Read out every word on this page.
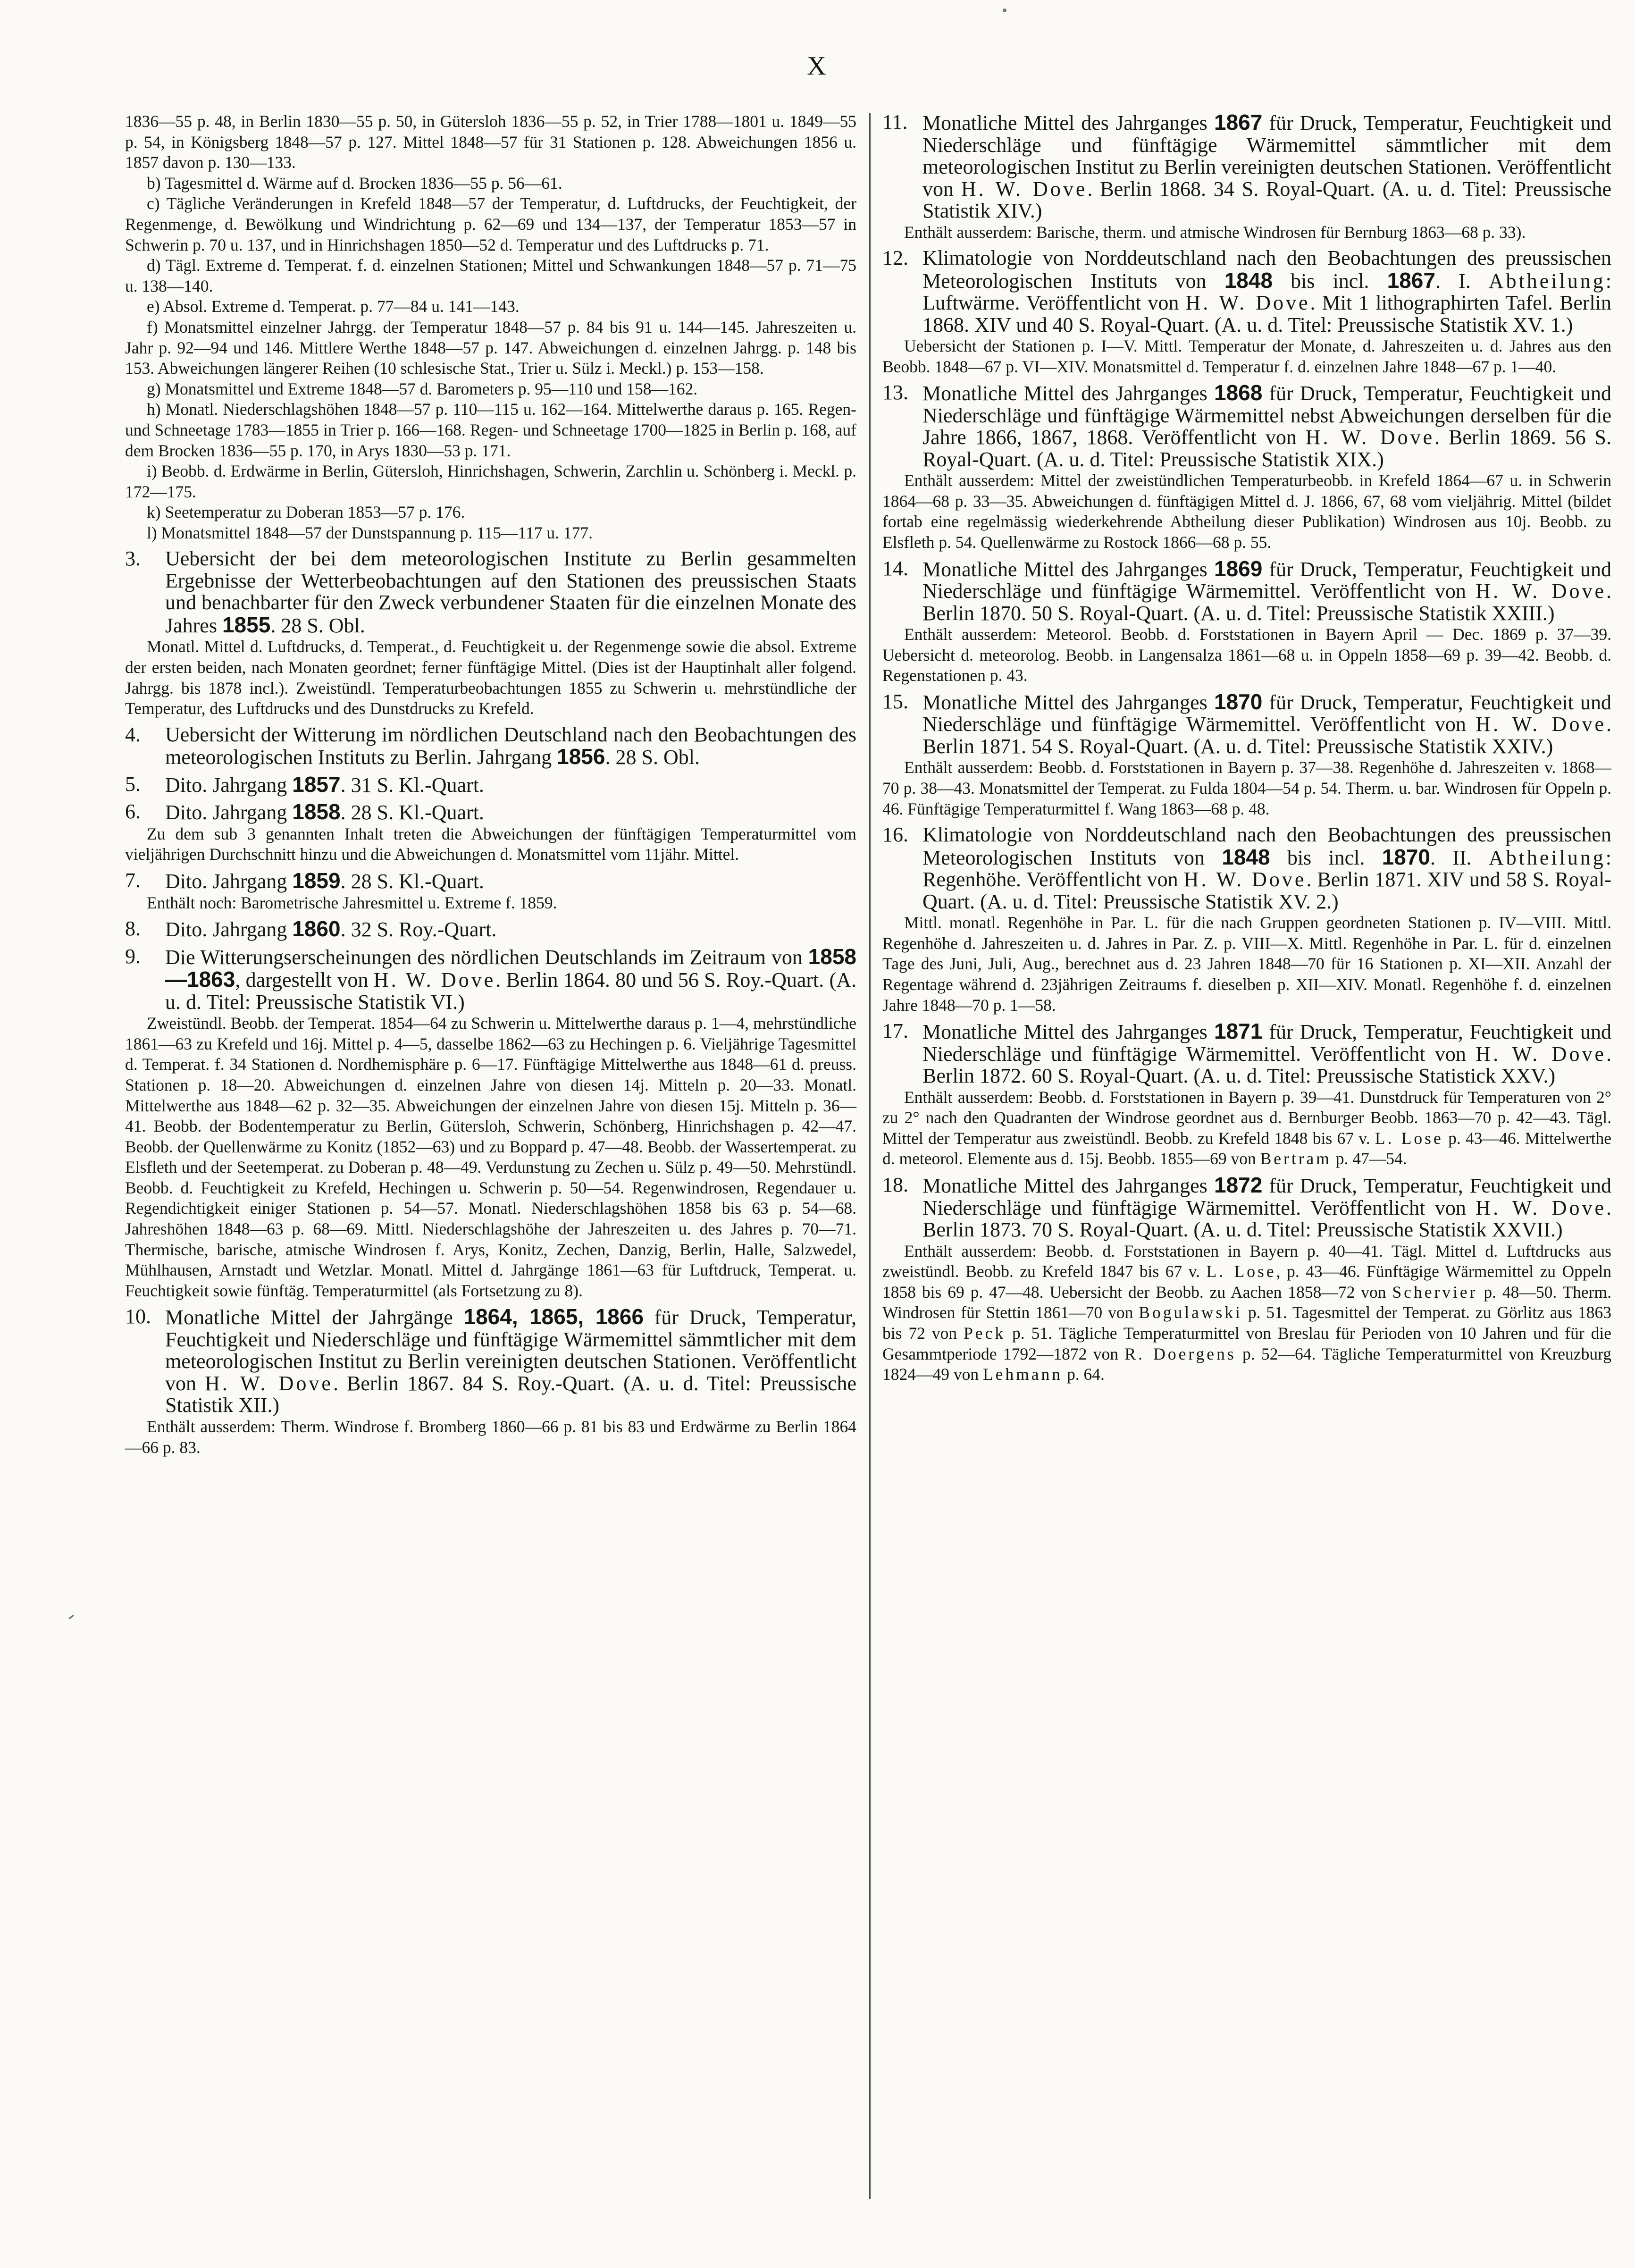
X

1836—55 p. 48, in Berlin 1830—55 p. 50, in Gütersloh 1836—55 p. 52, in Trier 1788—1801 u. 1849—55 p. 54, in Königsberg 1848—57 p. 127. Mittel 1848—57 für 31 Stationen p. 128. Abweichungen 1856 u. 1857 davon p. 130—133.

b) Tagesmittel d. Wärme auf d. Brocken 1836—55 p. 56—61.

c) Tägliche Veränderungen in Krefeld 1848—57 der Temperatur, d. Luftdrucks, der Feuchtigkeit, der Regenmenge, d. Bewölkung und Windrichtung p. 62—69 und 134—137, der Temperatur 1853—57 in Schwerin p. 70 u. 137, und in Hinrichshagen 1850—52 d. Temperatur und des Luftdrucks p. 71.

d) Tägl. Extreme d. Temperat. f. d. einzelnen Stationen; Mittel und Schwankungen 1848—57 p. 71—75 u. 138—140.

e) Absol. Extreme d. Temperat. p. 77—84 u. 141—143.

f) Monatsmittel einzelner Jahrgg. der Temperatur 1848—57 p. 84 bis 91 u. 144—145. Jahreszeiten u. Jahr p. 92—94 und 146. Mittlere Werthe 1848—57 p. 147. Abweichungen d. einzelnen Jahrgg. p. 148 bis 153. Abweichungen längerer Reihen (10 schlesische Stat., Trier u. Sülz i. Meckl.) p. 153—158.

g) Monatsmittel und Extreme 1848—57 d. Barometers p. 95—110 und 158—162.

h) Monatl. Niederschlagshöhen 1848—57 p. 110—115 u. 162—164. Mittelwerthe daraus p. 165. Regen- und Schneetage 1783—1855 in Trier p. 166—168. Regen- und Schneetage 1700—1825 in Berlin p. 168, auf dem Brocken 1836—55 p. 170, in Arys 1830—53 p. 171.

i) Beobb. d. Erdwärme in Berlin, Gütersloh, Hinrichshagen, Schwerin, Zarchlin u. Schönberg i. Meckl. p. 172—175.

k) Seetemperatur zu Doberan 1853—57 p. 176.

l) Monatsmittel 1848—57 der Dunstspannung p. 115—117 u. 177.

3.	Uebersicht der bei dem meteorologischen Institute zu Berlin gesammelten Ergebnisse der Wetterbeobachtungen auf den Stationen des preussischen Staats und benachbarter für den Zweck verbundener Staaten für die einzelnen Monate des Jahres 1855. 28 S. Obl.

Monatl. Mittel d. Luftdrucks, d. Temperat., d. Feuchtigkeit u. der Regenmenge sowie die absol. Extreme der ersten beiden, nach Monaten geordnet; ferner fünftägige Mittel. (Dies ist der Hauptinhalt aller folgend. Jahrgg. bis 1878 incl.). Zweistündl. Temperaturbeobachtungen 1855 zu Schwerin u. mehrstündliche der Temperatur, des Luftdrucks und des Dunstdrucks zu Krefeld.

4.	Uebersicht der Witterung im nördlichen Deutschland nach den Beobachtungen des meteorologischen Instituts zu Berlin. Jahrgang 1856. 28 S. Obl.
5.	Dito. Jahrgang 1857. 31 S. Kl.-Quart.
6.	Dito. Jahrgang 1858. 28 S. Kl.-Quart.

Zu dem sub 3 genannten Inhalt treten die Abweichungen der fünftägigen Temperaturmittel vom vieljährigen Durchschnitt hinzu und die Abweichungen d. Monatsmittel vom 11jähr. Mittel.

7.	Dito. Jahrgang 1859. 28 S. Kl.-Quart.

Enthält noch: Barometrische Jahresmittel u. Extreme f. 1859.

8.	Dito. Jahrgang 1860. 32 S. Roy.-Quart.
9.	Die Witterungserscheinungen des nördlichen Deutschlands im Zeitraum von 1858—1863, dargestellt von H. W. Dove. Berlin 1864. 80 und 56 S. Roy.-Quart. (A. u. d. Titel: Preussische Statistik VI.)

Zweistündl. Beobb. der Temperat. 1854—64 zu Schwerin u. Mittelwerthe daraus p. 1—4, mehrstündliche 1861—63 zu Krefeld und 16j. Mittel p. 4—5, dasselbe 1862—63 zu Hechingen p. 6. Vieljährige Tagesmittel d. Temperat. f. 34 Stationen d. Nordhemisphäre p. 6—17. Fünftägige Mittelwerthe aus 1848—61 d. preuss. Stationen p. 18—20. Abweichungen d. einzelnen Jahre von diesen 14j. Mitteln p. 20—33. Monatl. Mittelwerthe aus 1848—62 p. 32—35. Abweichungen der einzelnen Jahre von diesen 15j. Mitteln p. 36—41. Beobb. der Bodentemperatur zu Berlin, Gütersloh, Schwerin, Schönberg, Hinrichshagen p. 42—47. Beobb. der Quellenwärme zu Konitz (1852—63) und zu Boppard p. 47—48. Beobb. der Wassertemperat. zu Elsfleth und der Seetemperat. zu Doberan p. 48—49. Verdunstung zu Zechen u. Sülz p. 49—50. Mehrstündl. Beobb. d. Feuchtigkeit zu Krefeld, Hechingen u. Schwerin p. 50—54. Regenwindrosen, Regendauer u. Regendichtigkeit einiger Stationen p. 54—57. Monatl. Niederschlagshöhen 1858 bis 63 p. 54—68. Jahreshöhen 1848—63 p. 68—69. Mittl. Niederschlagshöhe der Jahreszeiten u. des Jahres p. 70—71. Thermische, barische, atmische Windrosen f. Arys, Konitz, Zechen, Danzig, Berlin, Halle, Salzwedel, Mühlhausen, Arnstadt und Wetzlar. Monatl. Mittel d. Jahrgänge 1861—63 für Luftdruck, Temperat. u. Feuchtigkeit sowie fünftäg. Temperaturmittel (als Fortsetzung zu 8).

10. Monatliche Mittel der Jahrgänge 1864, 1865, 1866 für Druck, Temperatur, Feuchtigkeit und Niederschläge und fünftägige Wärmemittel sämmtlicher mit dem meteorologischen Institut zu Berlin vereinigten deutschen Stationen. Veröffentlicht von H. W. Dove. Berlin 1867. 84 S. Roy.-Quart. (A. u. d. Titel: Preussische Statistik XII.)

Enthält ausserdem: Therm. Windrose f. Bromberg 1860—66 p. 81 bis 83 und Erdwärme zu Berlin 1864—66 p. 83.

11. Monatliche Mittel des Jahrganges 1867 für Druck, Temperatur, Feuchtigkeit und Niederschläge und fünftägige Wärmemittel sämmtlicher mit dem meteorologischen Institut zu Berlin vereinigten deutschen Stationen. Veröffentlicht von H. W. Dove. Berlin 1868. 34 S. Royal-Quart. (A. u. d. Titel: Preussische Statistik XIV.)

Enthält ausserdem: Barische, therm. und atmische Windrosen für Bernburg 1863—68 p. 33).

12. Klimatologie von Norddeutschland nach den Beobachtungen des preussischen Meteorologischen Instituts von 1848 bis incl. 1867. I. Abtheilung: Luftwärme. Veröffentlicht von H. W. Dove. Mit 1 lithographirten Tafel. Berlin 1868. XIV und 40 S. Royal-Quart. (A. u. d. Titel: Preussische Statistik XV. 1.)

Uebersicht der Stationen p. I—V. Mittl. Temperatur der Monate, d. Jahreszeiten u. d. Jahres aus den Beobb. 1848—67 p. VI—XIV. Monatsmittel d. Temperatur f. d. einzelnen Jahre 1848—67 p. 1—40.

13. Monatliche Mittel des Jahrganges 1868 für Druck, Temperatur, Feuchtigkeit und Niederschläge und fünftägige Wärmemittel nebst Abweichungen derselben für die Jahre 1866, 1867, 1868. Veröffentlicht von H. W. Dove. Berlin 1869. 56 S. Royal-Quart. (A. u. d. Titel: Preussische Statistik XIX.)

Enthält ausserdem: Mittel der zweistündlichen Temperaturbeobb. in Krefeld 1864—67 u. in Schwerin 1864—68 p. 33—35. Abweichungen d. fünftägigen Mittel d. J. 1866, 67, 68 vom vieljährig. Mittel (bildet fortab eine regelmässig wiederkehrende Abtheilung dieser Publikation) Windrosen aus 10j. Beobb. zu Elsfleth p. 54. Quellenwärme zu Rostock 1866—68 p. 55.

14. Monatliche Mittel des Jahrganges 1869 für Druck, Temperatur, Feuchtigkeit und Niederschläge und fünftägige Wärmemittel. Veröffentlicht von H. W. Dove. Berlin 1870. 50 S. Royal-Quart. (A. u. d. Titel: Preussische Statistik XXIII.)

Enthält ausserdem: Meteorol. Beobb. d. Forststationen in Bayern April — Dec. 1869 p. 37—39. Uebersicht d. meteorolog. Beobb. in Langensalza 1861—68 u. in Oppeln 1858—69 p. 39—42. Beobb. d. Regenstationen p. 43.

15. Monatliche Mittel des Jahrganges 1870 für Druck, Temperatur, Feuchtigkeit und Niederschläge und fünftägige Wärmemittel. Veröffentlicht von H. W. Dove. Berlin 1871. 54 S. Royal-Quart. (A. u. d. Titel: Preussische Statistik XXIV.)

Enthält ausserdem: Beobb. d. Forststationen in Bayern p. 37—38. Regenhöhe d. Jahreszeiten v. 1868—70 p. 38—43. Monatsmittel der Temperat. zu Fulda 1804—54 p. 54. Therm. u. bar. Windrosen für Oppeln p. 46. Fünftägige Temperaturmittel f. Wang 1863—68 p. 48.

16. Klimatologie von Norddeutschland nach den Beobachtungen des preussischen Meteorologischen Instituts von 1848 bis incl. 1870. II. Abtheilung: Regenhöhe. Veröffentlicht von H. W. Dove. Berlin 1871. XIV und 58 S. Royal-Quart. (A. u. d. Titel: Preussische Statistik XV. 2.)

Mittl. monatl. Regenhöhe in Par. L. für die nach Gruppen geordneten Stationen p. IV—VIII. Mittl. Regenhöhe d. Jahreszeiten u. d. Jahres in Par. Z. p. VIII—X. Mittl. Regenhöhe in Par. L. für d. einzelnen Tage des Juni, Juli, Aug., berechnet aus d. 23 Jahren 1848—70 für 16 Stationen p. XI—XII. Anzahl der Regentage während d. 23jährigen Zeitraums f. dieselben p. XII—XIV. Monatl. Regenhöhe f. d. einzelnen Jahre 1848—70 p. 1—58.

17. Monatliche Mittel des Jahrganges 1871 für Druck, Temperatur, Feuchtigkeit und Niederschläge und fünftägige Wärmemittel. Veröffentlicht von H. W. Dove. Berlin 1872. 60 S. Royal-Quart. (A. u. d. Titel: Preussische Statistick XXV.)

Enthält ausserdem: Beobb. d. Forststationen in Bayern p. 39—41. Dunstdruck für Temperaturen von 2° zu 2° nach den Quadranten der Windrose geordnet aus d. Bernburger Beobb. 1863—70 p. 42—43. Tägl. Mittel der Temperatur aus zweistündl. Beobb. zu Krefeld 1848 bis 67 v. L. Lose p. 43—46. Mittelwerthe d. meteorol. Elemente aus d. 15j. Beobb. 1855—69 von Bertram p. 47—54.

18. Monatliche Mittel des Jahrganges 1872 für Druck, Temperatur, Feuchtigkeit und Niederschläge und fünftägige Wärmemittel. Veröffentlicht von H. W. Dove. Berlin 1873. 70 S. Royal-Quart. (A. u. d. Titel: Preussische Statistik XXVII.)

Enthält ausserdem: Beobb. d. Forststationen in Bayern p. 40—41. Tägl. Mittel d. Luftdrucks aus zweistündl. Beobb. zu Krefeld 1847 bis 67 v. L. Lose, p. 43—46. Fünftägige Wärmemittel zu Oppeln 1858 bis 69 p. 47—48. Uebersicht der Beobb. zu Aachen 1858—72 von Schervier p. 48—50. Therm. Windrosen für Stettin 1861—70 von Bogulawski p. 51. Tagesmittel der Temperat. zu Görlitz aus 1863 bis 72 von Peck p. 51. Tägliche Temperaturmittel von Breslau für Perioden von 10 Jahren und für die Gesammtperiode 1792—1872 von R. Doergens p. 52—64. Tägliche Temperaturmittel von Kreuzburg 1824—49 von Lehmann p. 64.
